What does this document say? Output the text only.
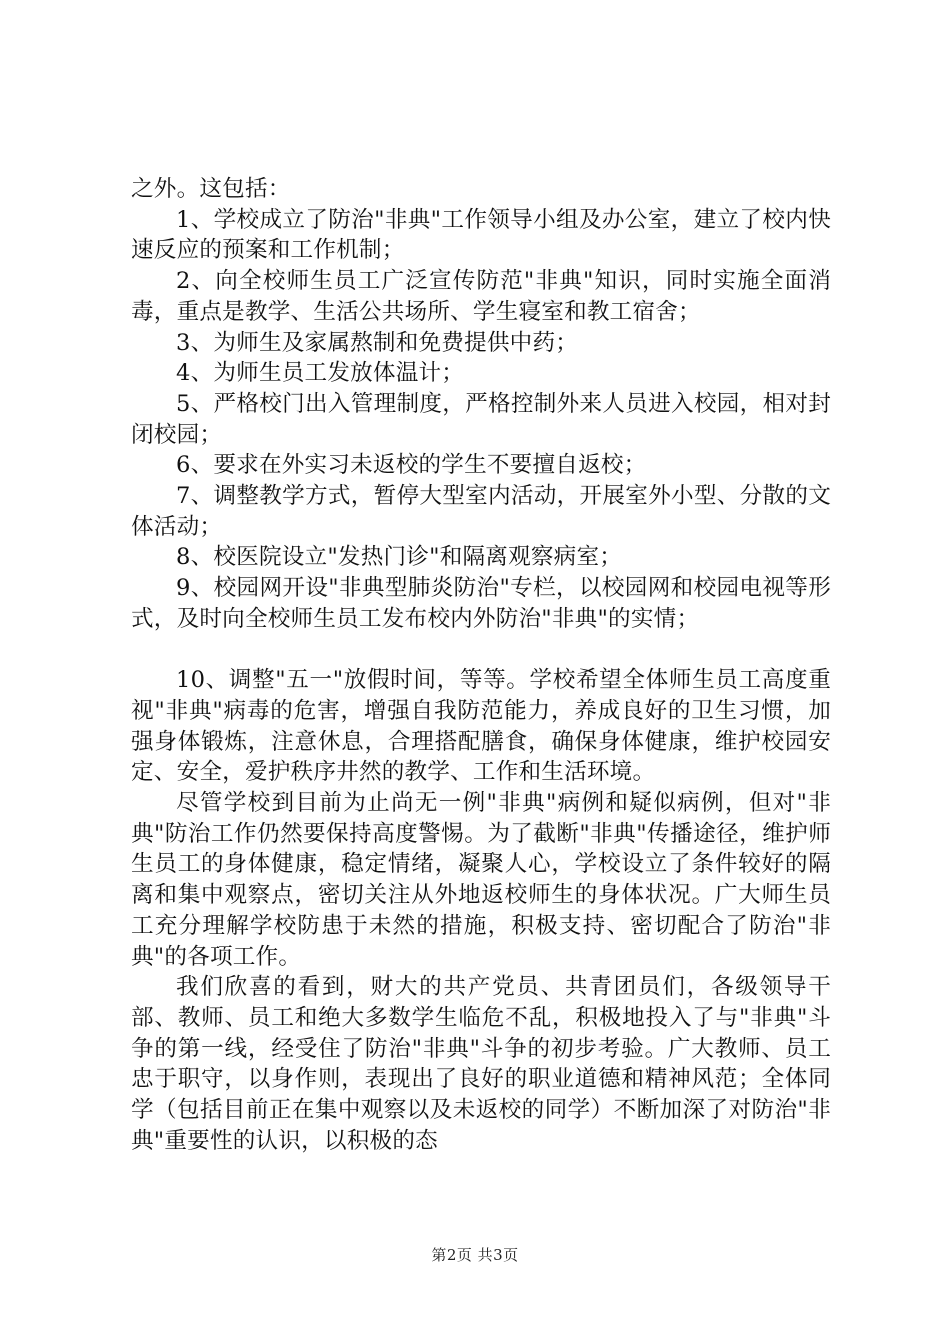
之外。这包括：

1、学校成立了防治"非典"工作领导小组及办公室，建立了校内快速反应的预案和工作机制；

2、向全校师生员工广泛宣传防范"非典"知识，同时实施全面消毒，重点是教学、生活公共场所、学生寝室和教工宿舍；

3、为师生及家属熬制和免费提供中药；

4、为师生员工发放体温计；

5、严格校门出入管理制度，严格控制外来人员进入校园，相对封闭校园；

6、要求在外实习未返校的学生不要擅自返校；

7、调整教学方式，暂停大型室内活动，开展室外小型、分散的文体活动；

8、校医院设立"发热门诊"和隔离观察病室；

9、校园网开设"非典型肺炎防治"专栏，以校园网和校园电视等形式，及时向全校师生员工发布校内外防治"非典"的实情；

10、调整"五一"放假时间，等等。学校希望全体师生员工高度重视"非典"病毒的危害，增强自我防范能力，养成良好的卫生习惯，加强身体锻炼，注意休息，合理搭配膳食，确保身体健康，维护校园安定、安全，爱护秩序井然的教学、工作和生活环境。

尽管学校到目前为止尚无一例"非典"病例和疑似病例，但对"非典"防治工作仍然要保持高度警惕。为了截断"非典"传播途径，维护师生员工的身体健康，稳定情绪，凝聚人心，学校设立了条件较好的隔离和集中观察点，密切关注从外地返校师生的身体状况。广大师生员工充分理解学校防患于未然的措施，积极支持、密切配合了防治"非典"的各项工作。

我们欣喜的看到，财大的共产党员、共青团员们，各级领导干部、教师、员工和绝大多数学生临危不乱，积极地投入了与"非典"斗争的第一线，经受住了防治"非典"斗争的初步考验。广大教师、员工忠于职守，以身作则，表现出了良好的职业道德和精神风范；全体同学（包括目前正在集中观察以及未返校的同学）不断加深了对防治"非典"重要性的认识，以积极的态

第2页 共3页
